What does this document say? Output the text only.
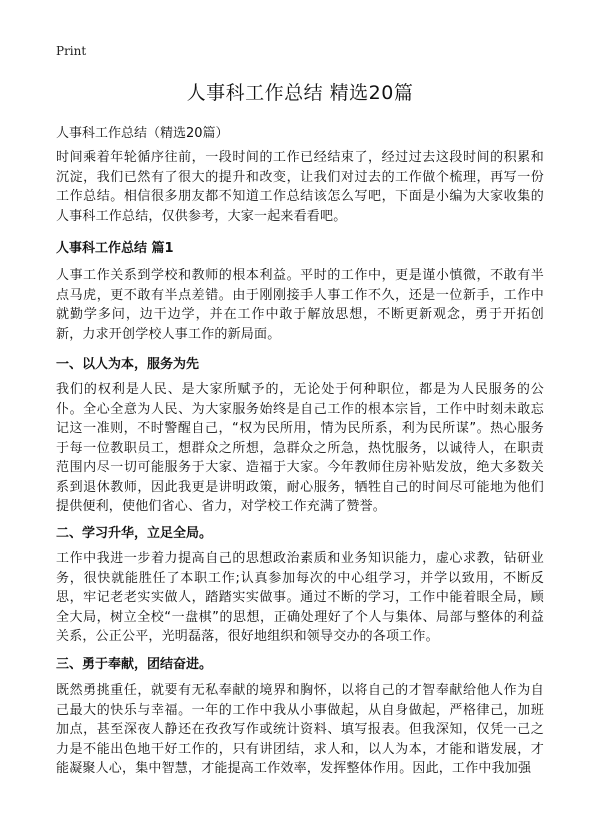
Print
人事科工作总结 精选20篇
人事科工作总结（精选20篇）

时间乘着年轮循序往前，一段时间的工作已经结束了，经过过去这段时间的积累和沉淀，我们已然有了很大的提升和改变，让我们对过去的工作做个梳理，再写一份工作总结。相信很多朋友都不知道工作总结该怎么写吧，下面是小编为大家收集的人事科工作总结，仅供参考，大家一起来看看吧。

人事科工作总结 篇1

人事工作关系到学校和教师的根本利益。平时的工作中，更是谨小慎微，不敢有半点马虎，更不敢有半点差错。由于刚刚接手人事工作不久，还是一位新手，工作中就勤学多问，边干边学，并在工作中敢于解放思想，不断更新观念，勇于开拓创新，力求开创学校人事工作的新局面。

一、以人为本，服务为先

我们的权利是人民、是大家所赋予的，无论处于何种职位，都是为人民服务的公仆。全心全意为人民、为大家服务始终是自己工作的根本宗旨，工作中时刻未敢忘记这一准则，不时警醒自己，“权为民所用，情为民所系，利为民所谋”。热心服务于每一位教职员工，想群众之所想，急群众之所急，热忱服务，以诚待人，在职责范围内尽一切可能服务于大家、造福于大家。今年教师住房补贴发放，绝大多数关系到退休教师，因此我更是讲明政策，耐心服务，牺牲自己的时间尽可能地为他们提供便利，使他们省心、省力，对学校工作充满了赞誉。

二、学习升华，立足全局。

工作中我进一步着力提高自己的思想政治素质和业务知识能力，虚心求教，钻研业务，很快就能胜任了本职工作;认真参加每次的中心组学习，并学以致用，不断反思，牢记老老实实做人，踏踏实实做事。通过不断的学习，工作中能着眼全局，顾全大局，树立全校“一盘棋”的思想，正确处理好了个人与集体、局部与整体的利益关系，公正公平，光明磊落，很好地组织和领导交办的各项工作。

三、勇于奉献，团结奋进。

既然勇挑重任，就要有无私奉献的境界和胸怀，以将自己的才智奉献给他人作为自己最大的快乐与幸福。一年的工作中我从小事做起，从自身做起，严格律己，加班加点，甚至深夜人静还在孜孜写作或统计资料、填写报表。但我深知，仅凭一己之力是不能出色地干好工作的，只有讲团结，求人和，以人为本，才能和谐发展，才能凝聚人心，集中智慧，才能提高工作效率，发挥整体作用。因此，工作中我加强
